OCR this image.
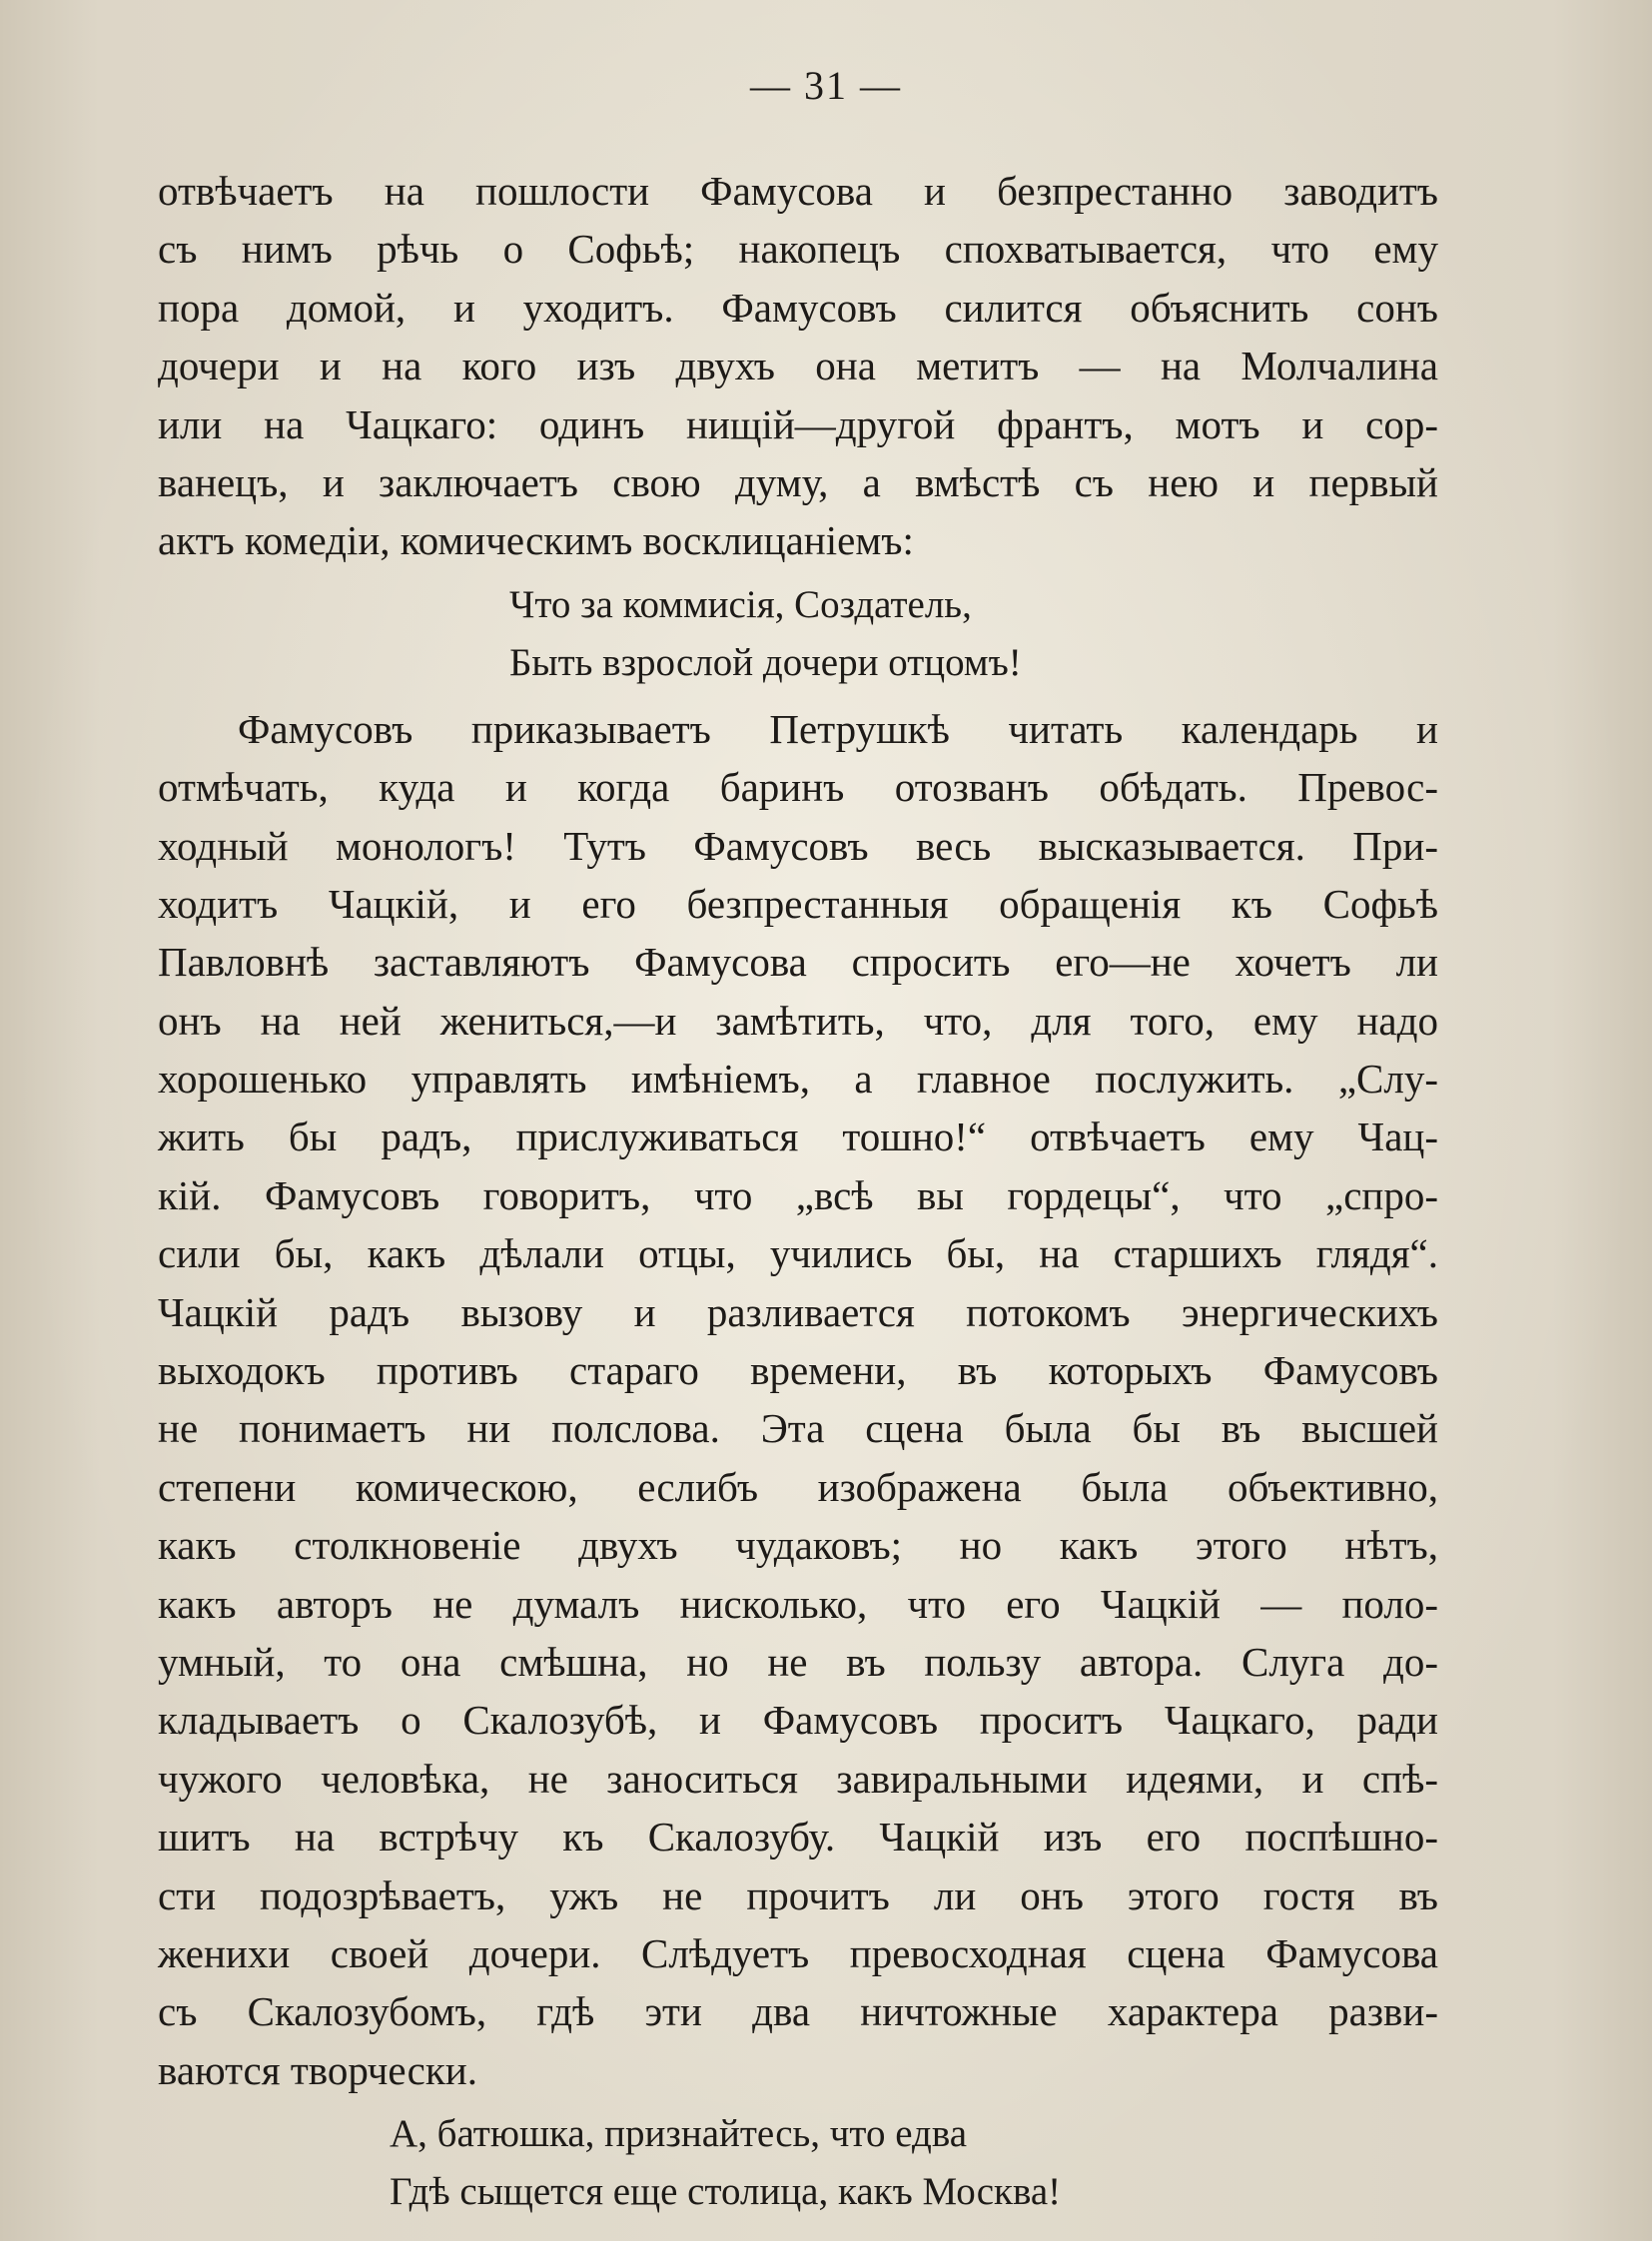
— 31 —
отвѣчаетъ на пошлости Фамусова и безпрестанно заводитъ
съ нимъ рѣчь о Софьѣ; накопецъ спохватывается, что ему
пора домой, и уходитъ. Фамусовъ силится объяснить сонъ
дочери и на кого изъ двухъ она метитъ — на Молчалина
или на Чацкаго: одинъ нищій—другой франтъ, мотъ и сор-
ванецъ, и заключаетъ свою думу, а вмѣстѣ съ нею и первый
актъ комедіи, комическимъ восклицаніемъ:
Что за коммисія, Создатель,
Быть взрослой дочери отцомъ!
Фамусовъ приказываетъ Петрушкѣ читать календарь и
отмѣчать, куда и когда баринъ отозванъ обѣдать. Превос-
ходный монологъ! Тутъ Фамусовъ весь высказывается. При-
ходитъ Чацкій, и его безпрестанныя обращенія къ Софьѣ
Павловнѣ заставляютъ Фамусова спросить его—не хочетъ ли
онъ на ней жениться,—и замѣтить, что, для того, ему надо
хорошенько управлять имѣніемъ, а главное послужить. „Слу-
жить бы радъ, прислуживаться тошно!“ отвѣчаетъ ему Чац-
кій. Фамусовъ говоритъ, что „всѣ вы гордецы“, что „спро-
сили бы, какъ дѣлали отцы, учились бы, на старшихъ глядя“.
Чацкій радъ вызову и разливается потокомъ энергическихъ
выходокъ противъ стараго времени, въ которыхъ Фамусовъ
не понимаетъ ни полслова. Эта сцена была бы въ высшей
степени комическою, еслибъ изображена была объективно,
какъ столкновеніе двухъ чудаковъ; но какъ этого нѣтъ,
какъ авторъ не думалъ нисколько, что его Чацкій — поло-
умный, то она смѣшна, но не въ пользу автора. Слуга до-
кладываетъ о Скалозубѣ, и Фамусовъ проситъ Чацкаго, ради
чужого человѣка, не заноситься завиральными идеями, и спѣ-
шитъ на встрѣчу къ Скалозубу. Чацкій изъ его поспѣшно-
сти подозрѣваетъ, ужъ не прочитъ ли онъ этого гостя въ
женихи своей дочери. Слѣдуетъ превосходная сцена Фамусова
съ Скалозубомъ, гдѣ эти два ничтожные характера разви-
ваются творчески.
А, батюшка, признайтесь, что едва
Гдѣ сыщется еще столица, какъ Москва!
